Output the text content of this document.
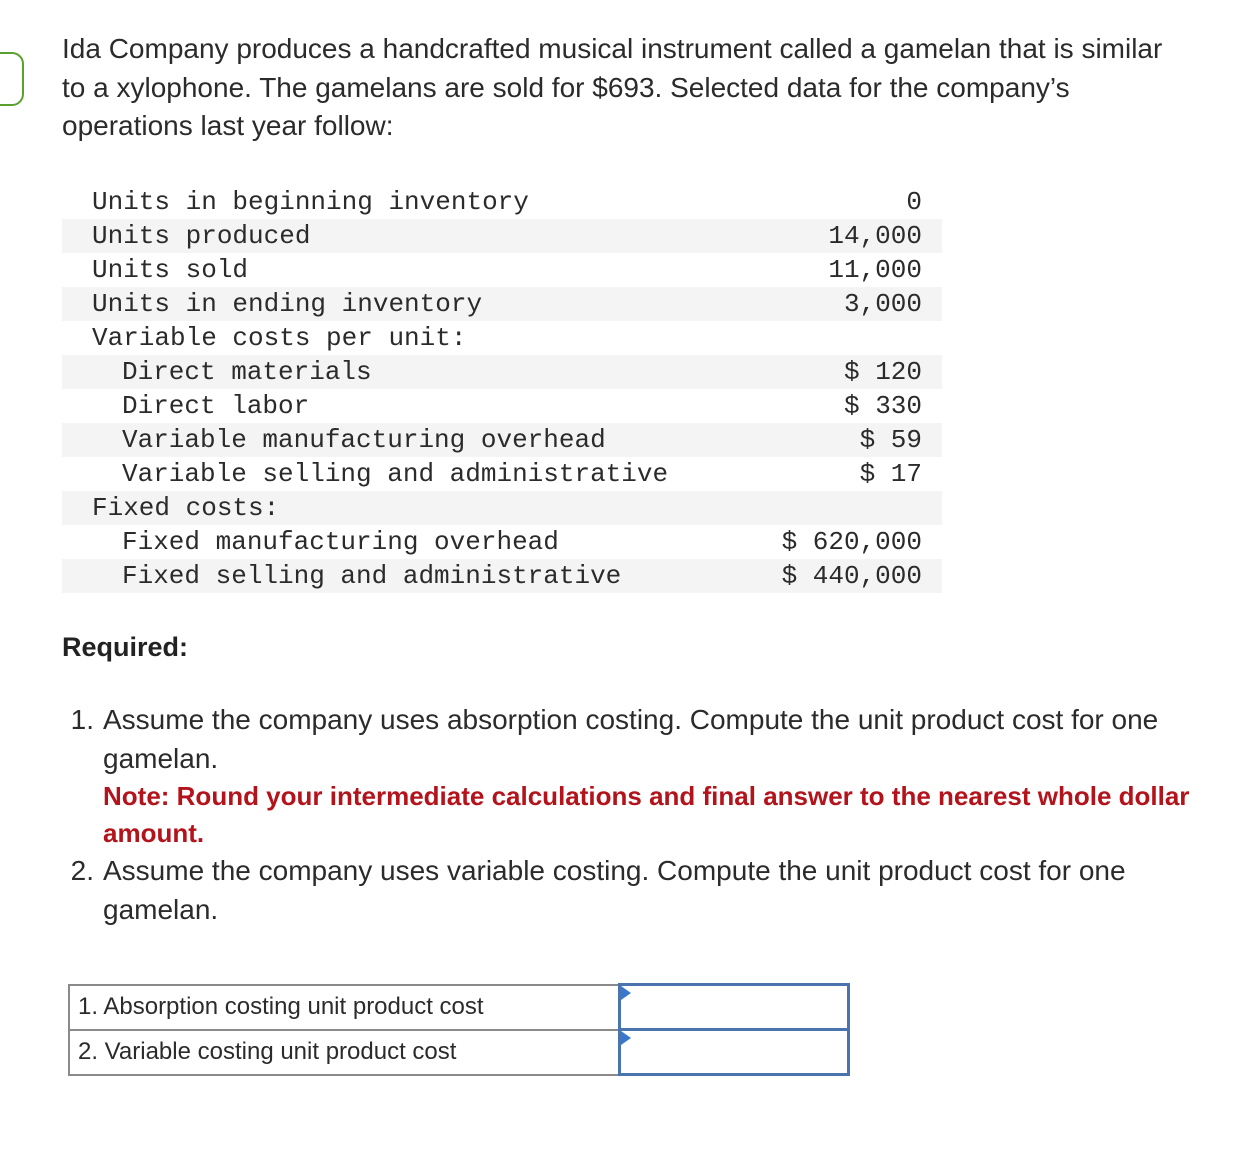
Ida Company produces a handcrafted musical instrument called a gamelan that is similar to a xylophone. The gamelans are sold for $693. Selected data for the company’s operations last year follow:

Units in beginning inventory	0
Units produced	14,000
Units sold	11,000
Units in ending inventory	3,000
Variable costs per unit:	
Direct materials	$ 120
Direct labor	$ 330
Variable manufacturing overhead	$ 59
Variable selling and administrative	$ 17
Fixed costs:	
Fixed manufacturing overhead	$ 620,000
Fixed selling and administrative	$ 440,000

Required:

1. Assume the company uses absorption costing. Compute the unit product cost for one gamelan.
Note: Round your intermediate calculations and final answer to the nearest whole dollar amount.
2. Assume the company uses variable costing. Compute the unit product cost for one gamelan.
1. Absorption costing unit product cost	

2. Variable costing unit product cost	
